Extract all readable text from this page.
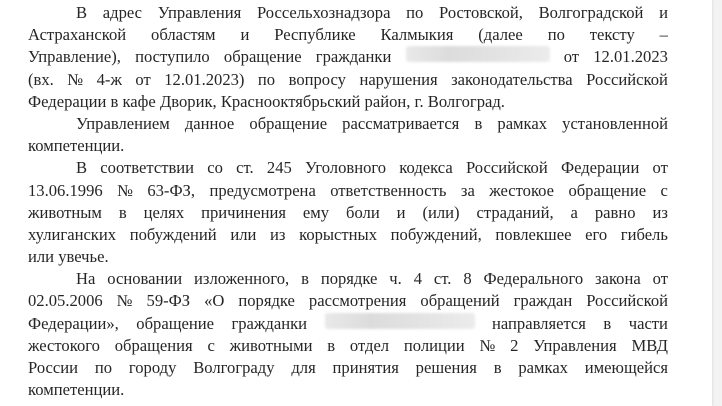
В адрес Управления Россельхознадзора по Ростовской, Волгоградской и
Астраханской областям и Республике Калмыкия (далее по тексту –
Управление), поступило обращение гражданки	от 12.01.2023
(вх. № 4-ж от 12.01.2023) по вопросу нарушения законодательства Российской
Федерации в кафе Дворик, Краснооктябрьский район, г. Волгоград.
Управлением данное обращение рассматривается в рамках установленной
компетенции.
В соответствии со ст. 245 Уголовного кодекса Российской Федерации от
13.06.1996 № 63-ФЗ, предусмотрена ответственность за жестокое обращение с
животным в целях причинения ему боли и (или) страданий, а равно из
хулиганских побуждений или из корыстных побуждений, повлекшее его гибель
или увечье.
На основании изложенного, в порядке ч. 4 ст. 8 Федерального закона от
02.05.2006 № 59-ФЗ «О порядке рассмотрения обращений граждан Российской
Федерации», обращение гражданки	направляется в части
жестокого обращения с животными в отдел полиции № 2 Управления МВД
России по городу Волгограду для принятия решения в рамках имеющейся
компетенции.
